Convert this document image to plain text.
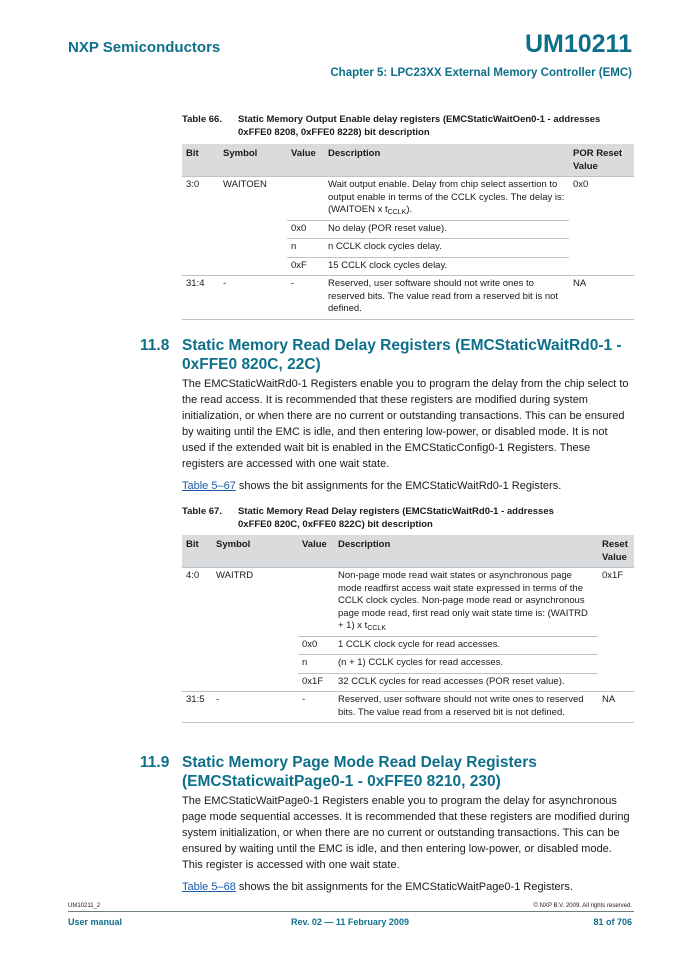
NXP Semiconductors	UM10211
Chapter 5: LPC23XX External Memory Controller (EMC)
Table 66. Static Memory Output Enable delay registers (EMCStaticWaitOen0-1 - addresses
0xFFE0 8208, 0xFFE0 8228) bit description
Bit	Symbol	Value	Description	POR Reset Value
3:0	WAITOEN		Wait output enable. Delay from chip select assertion to output enable in terms of the CCLK cycles. The delay is: (WAITOEN x $t_{CCLK}$).	0x0
		0x0	No delay (POR reset value).	
		n	n CCLK clock cycles delay.	
		0xF	15 CCLK clock cycles delay.	
31:4	-	-	Reserved, user software should not write ones to reserved bits. The value read from a reserved bit is not defined.	NA
11.8 Static Memory Read Delay Registers (EMCStaticWaitRd0-1 - 0xFFE0 820C, 22C)
The EMCStaticWaitRd0-1 Registers enable you to program the delay from the chip select to the read access. It is recommended that these registers are modified during system initialization, or when there are no current or outstanding transactions. This can be ensured by waiting until the EMC is idle, and then entering low-power, or disabled mode. It is not used if the extended wait bit is enabled in the EMCStaticConfig0-1 Registers. These registers are accessed with one wait state.
Table 5–67 shows the bit assignments for the EMCStaticWaitRd0-1 Registers.
Table 67. Static Memory Read Delay registers (EMCStaticWaitRd0-1 - addresses
0xFFE0 820C, 0xFFE0 822C) bit description
Bit	Symbol	Value	Description	Reset Value
4:0	WAITRD		Non-page mode read wait states or asynchronous page mode readfirst access wait state expressed in terms of the CCLK clock cycles. Non-page mode read or asynchronous page mode read, first read only wait state time is: (WAITRD + 1) x $t_{CCLK}$	0x1F
		0x0	1 CCLK clock cycle for read accesses.	
		n	(n + 1) CCLK cycles for read accesses.	
		0x1F	32 CCLK cycles for read accesses (POR reset value).	
31:5	-	-	Reserved, user software should not write ones to reserved bits. The value read from a reserved bit is not defined.	NA
11.9 Static Memory Page Mode Read Delay Registers (EMCStaticwaitPage0-1 - 0xFFE0 8210, 230)
The EMCStaticWaitPage0-1 Registers enable you to program the delay for asynchronous page mode sequential accesses. It is recommended that these registers are modified during system initialization, or when there are no current or outstanding transactions. This can be ensured by waiting until the EMC is idle, and then entering low-power, or disabled mode. This register is accessed with one wait state.
Table 5–68 shows the bit assignments for the EMCStaticWaitPage0-1 Registers.
UM10211_2	© NXP B.V. 2009. All rights reserved.
User manual	Rev. 02 — 11 February 2009	81 of 706
